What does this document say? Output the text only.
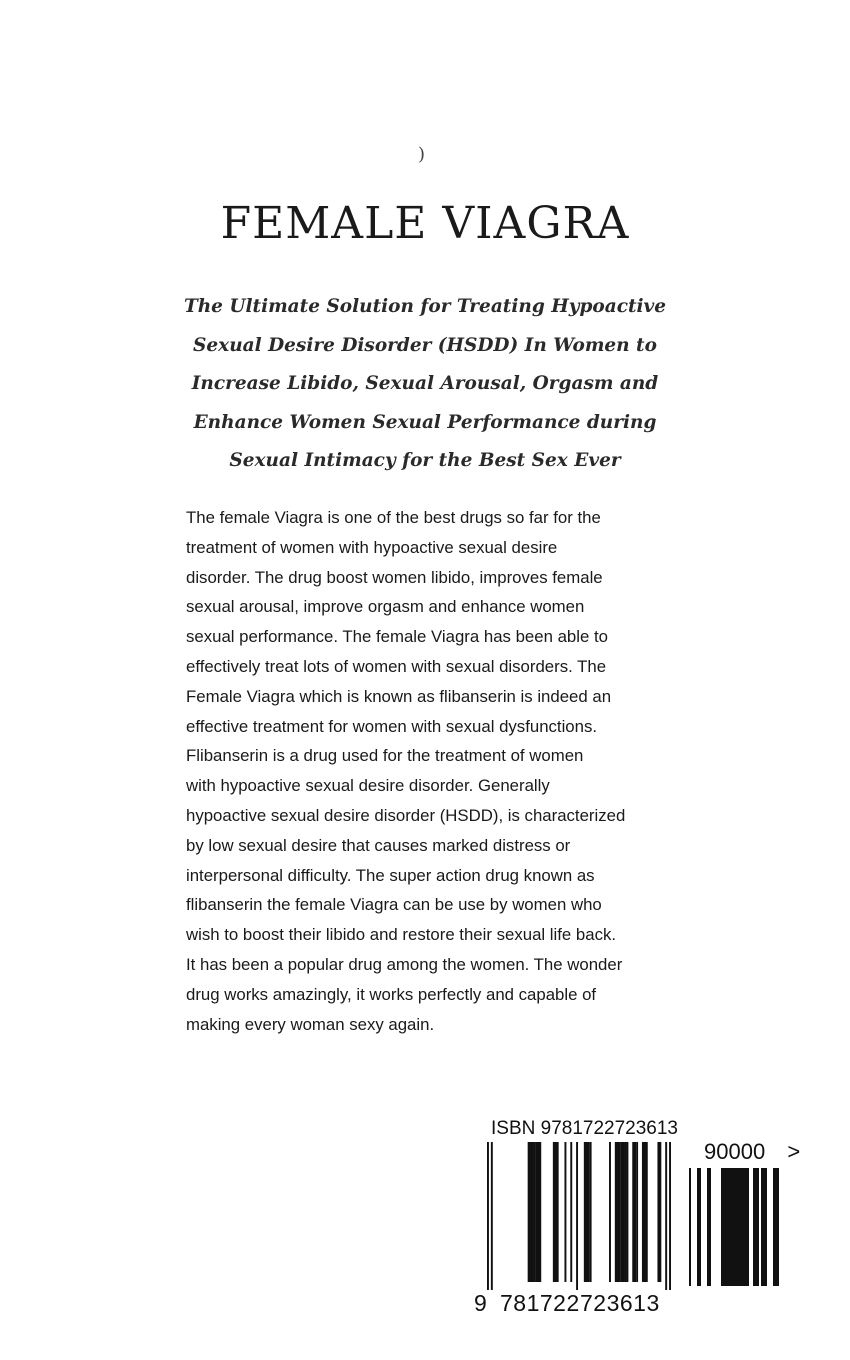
)
FEMALE VIAGRA

The Ultimate Solution for Treating Hypoactive
Sexual Desire Disorder (HSDD) In Women to
Increase Libido, Sexual Arousal, Orgasm and
Enhance Women Sexual Performance during
Sexual Intimacy for the Best Sex Ever

The female Viagra is one of the best drugs so far for the
treatment of women with hypoactive sexual desire
disorder. The drug boost women libido, improves female
sexual arousal, improve orgasm and enhance women
sexual performance. The female Viagra has been able to
effectively treat lots of women with sexual disorders. The
Female Viagra which is known as flibanserin is indeed an
effective treatment for women with sexual dysfunctions.
Flibanserin is a drug used for the treatment of women
with hypoactive sexual desire disorder. Generally
hypoactive sexual desire disorder (HSDD), is characterized
by low sexual desire that causes marked distress or
interpersonal difficulty. The super action drug known as
flibanserin the female Viagra can be use by women who
wish to boost their libido and restore their sexual life back.
It has been a popular drug among the women. The wonder
drug works amazingly, it works perfectly and capable of
making every woman sexy again.
ISBN 9781722723613
90000 >
9 781722 723613
